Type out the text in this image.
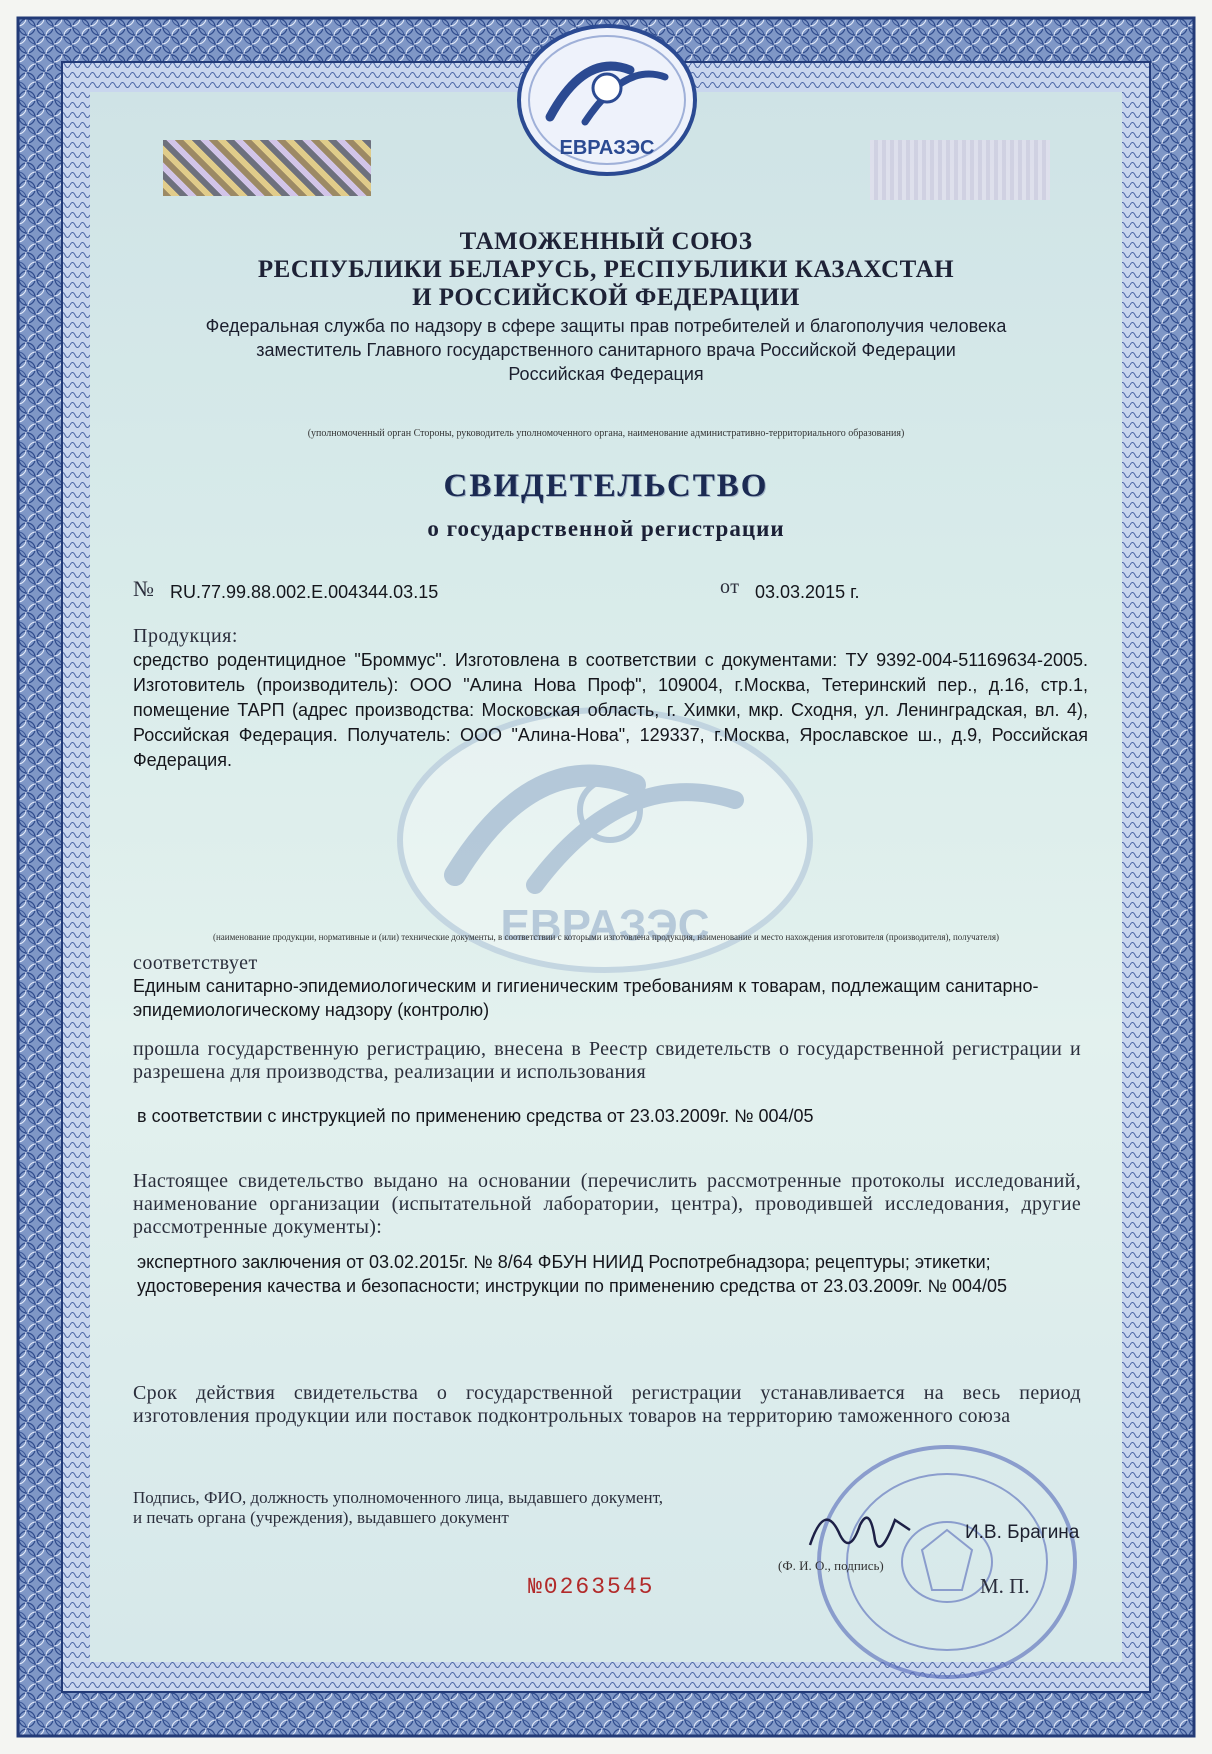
ЕВРАЗЭС
ЕВРАЗЭС
ТАМОЖЕННЫЙ СОЮЗ
РЕСПУБЛИКИ БЕЛАРУСЬ, РЕСПУБЛИКИ КАЗАХСТАН
И РОССИЙСКОЙ ФЕДЕРАЦИИ
Федеральная служба по надзору в сфере защиты прав потребителей и благополучия человека
заместитель Главного государственного санитарного врача Российской Федерации
Российская Федерация
(уполномоченный орган Стороны, руководитель уполномоченного органа, наименование административно-территориального образования)
СВИДЕТЕЛЬСТВО
о государственной регистрации
№ RU.77.99.88.002.Е.004344.03.15	от 03.03.2015 г.
Продукция:
средство родентицидное "Броммус". Изготовлена в соответствии с документами: ТУ 9392-004-51169634-2005. Изготовитель (производитель): ООО "Алина Нова Проф", 109004, г.Москва, Тетеринский пер., д.16, стр.1, помещение ТАРП (адрес производства: Московская область, г. Химки, мкр. Сходня, ул. Ленинградская, вл. 4), Российская Федерация. Получатель: ООО "Алина-Нова", 129337, г.Москва, Ярославское ш., д.9, Российская Федерация.
(наименование продукции, нормативные и (или) технические документы, в соответствии с которыми изготовлена продукция, наименование и место нахождения изготовителя (производителя), получателя)
соответствует
Единым санитарно-эпидемиологическим и гигиеническим требованиям к товарам, подлежащим санитарно-эпидемиологическому надзору (контролю)
прошла государственную регистрацию, внесена в Реестр свидетельств о государственной регистрации и разрешена для производства, реализации и использования
в соответствии с инструкцией по применению средства от 23.03.2009г. № 004/05
Настоящее свидетельство выдано на основании (перечислить рассмотренные протоколы исследований, наименование организации (испытательной лаборатории, центра), проводившей исследования, другие рассмотренные документы):
экспертного заключения от 03.02.2015г. № 8/64 ФБУН НИИД Роспотребнадзора; рецептуры; этикетки; удостоверения качества и безопасности; инструкции по применению средства от 23.03.2009г. № 004/05
Срок действия свидетельства о государственной регистрации устанавливается на весь период изготовления продукции или поставок подконтрольных товаров на территорию таможенного союза
Подпись, ФИО, должность уполномоченного лица, выдавшего документ, и печать органа (учреждения), выдавшего документ
И.В. Брагина
(Ф. И. О., подпись)
№0263545	М. П.
